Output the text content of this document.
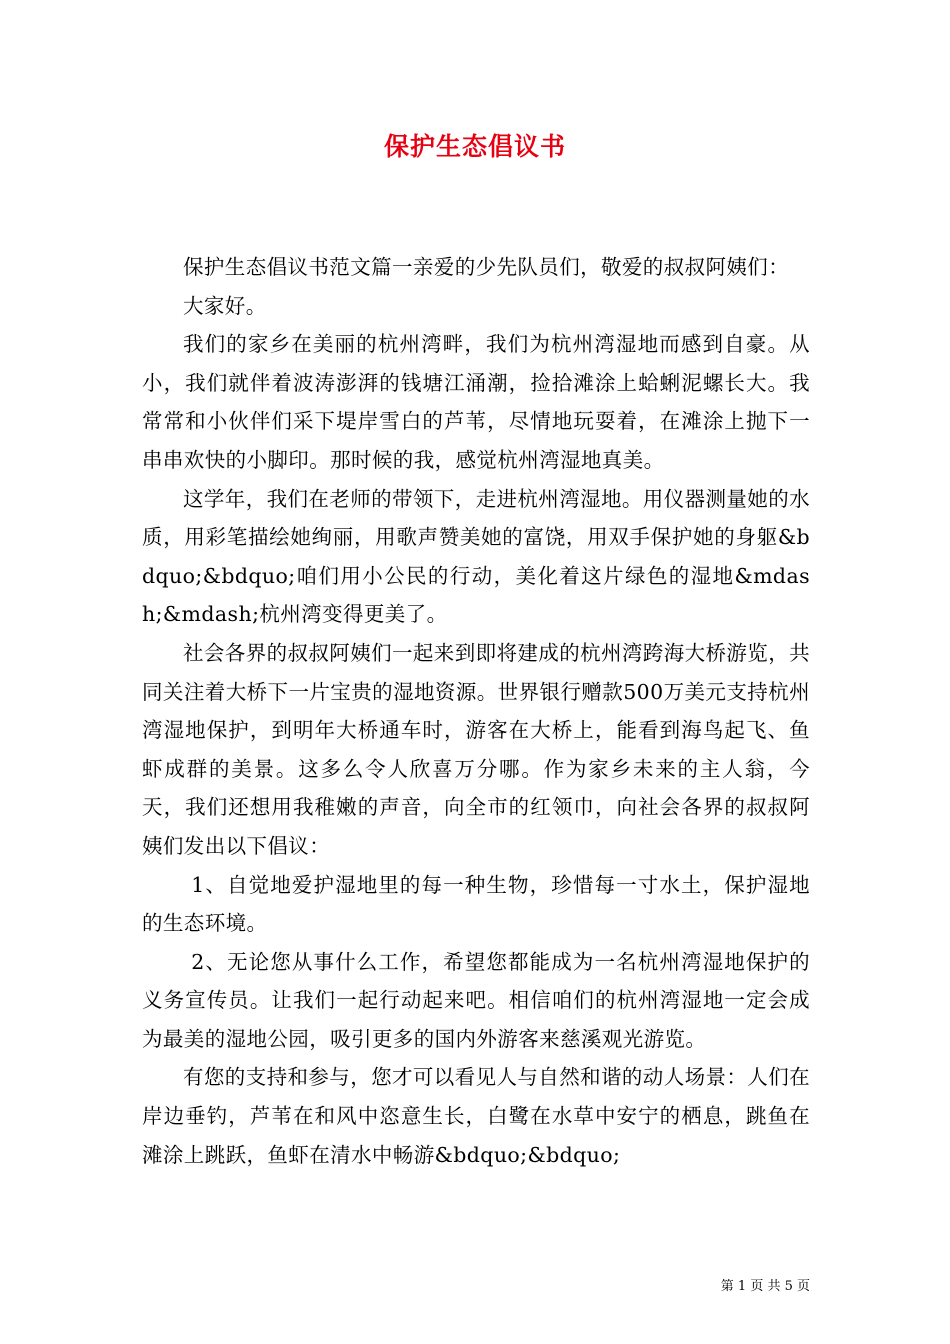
保护生态倡议书

保护生态倡议书范文篇一亲爱的少先队员们，敬爱的叔叔阿姨们：

大家好。

我们的家乡在美丽的杭州湾畔，我们为杭州湾湿地而感到自豪。从小，我们就伴着波涛澎湃的钱塘江涌潮，捡拾滩涂上蛤蜊泥螺长大。我常常和小伙伴们采下堤岸雪白的芦苇，尽情地玩耍着，在滩涂上抛下一串串欢快的小脚印。那时候的我，感觉杭州湾湿地真美。

这学年，我们在老师的带领下，走进杭州湾湿地。用仪器测量她的水质，用彩笔描绘她绚丽，用歌声赞美她的富饶，用双手保护她的身躯&bdquo;&bdquo;咱们用小公民的行动，美化着这片绿色的湿地&mdash;&mdash;杭州湾变得更美了。

社会各界的叔叔阿姨们一起来到即将建成的杭州湾跨海大桥游览，共同关注着大桥下一片宝贵的湿地资源。世界银行赠款500万美元支持杭州湾湿地保护，到明年大桥通车时，游客在大桥上，能看到海鸟起飞、鱼虾成群的美景。这多么令人欣喜万分哪。作为家乡未来的主人翁，今天，我们还想用我稚嫩的声音，向全市的红领巾，向社会各界的叔叔阿姨们发出以下倡议：

1、自觉地爱护湿地里的每一种生物，珍惜每一寸水土，保护湿地的生态环境。

2、无论您从事什么工作，希望您都能成为一名杭州湾湿地保护的义务宣传员。让我们一起行动起来吧。相信咱们的杭州湾湿地一定会成为最美的湿地公园，吸引更多的国内外游客来慈溪观光游览。

有您的支持和参与，您才可以看见人与自然和谐的动人场景：人们在岸边垂钓，芦苇在和风中恣意生长，白鹭在水草中安宁的栖息，跳鱼在滩涂上跳跃，鱼虾在清水中畅游&bdquo;&bdquo;

第 1 页 共 5 页
